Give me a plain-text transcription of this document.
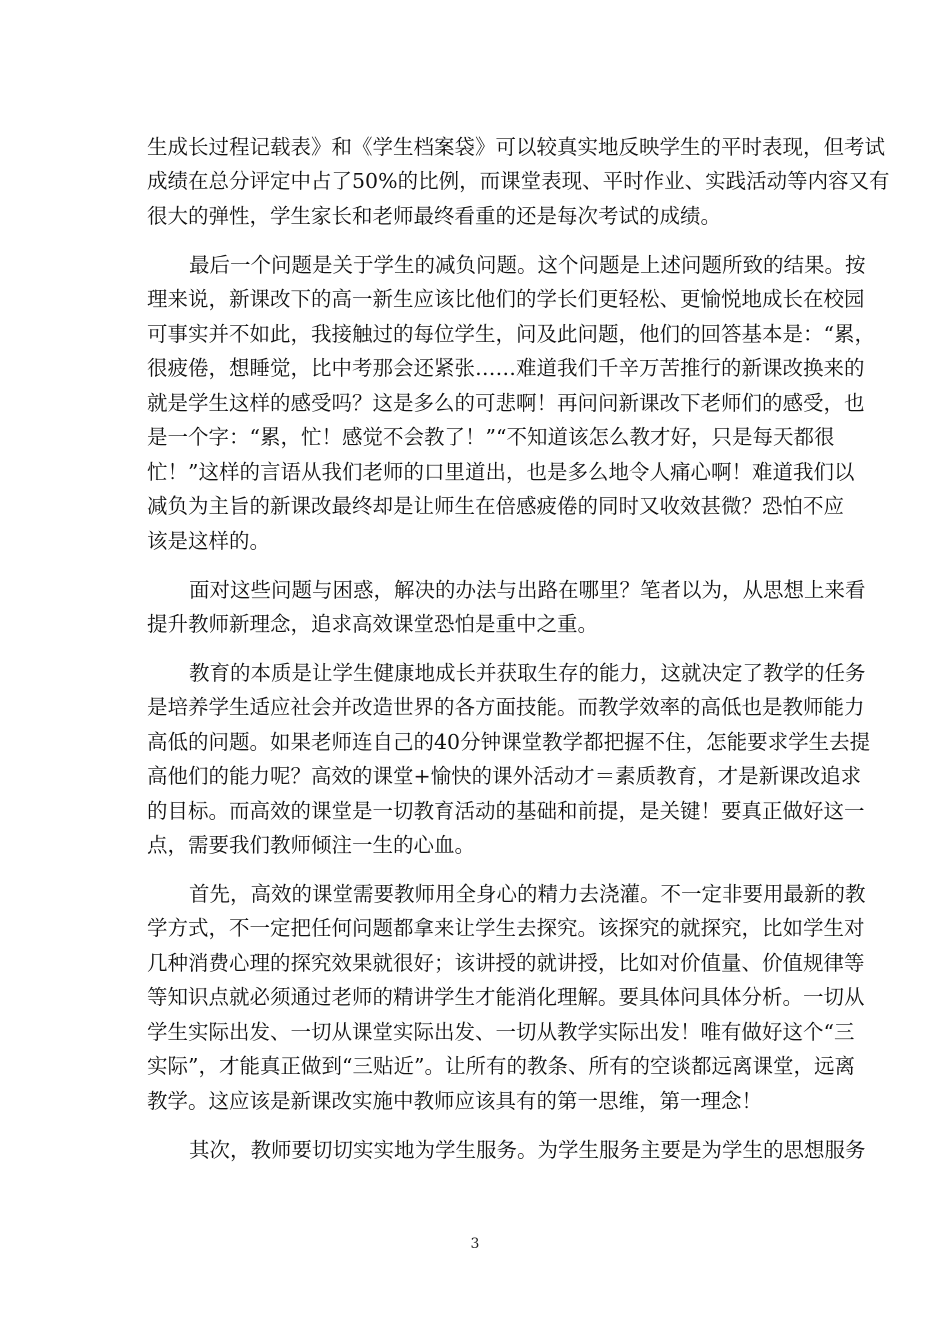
生成长过程记载表》和《学生档案袋》可以较真实地反映学生的平时表现，但考试

成绩在总分评定中占了50%的比例，而课堂表现、平时作业、实践活动等内容又有

很大的弹性，学生家长和老师最终看重的还是每次考试的成绩。

最后一个问题是关于学生的减负问题。这个问题是上述问题所致的结果。按

理来说，新课改下的高一新生应该比他们的学长们更轻松、更愉悦地成长在校园

可事实并不如此，我接触过的每位学生，问及此问题，他们的回答基本是：“累，

很疲倦，想睡觉，比中考那会还紧张……难道我们千辛万苦推行的新课改换来的

就是学生这样的感受吗？这是多么的可悲啊！再问问新课改下老师们的感受，也

是一个字：“累，忙！感觉不会教了！”“不知道该怎么教才好，只是每天都很

忙！”这样的言语从我们老师的口里道出，也是多么地令人痛心啊！难道我们以

减负为主旨的新课改最终却是让师生在倍感疲倦的同时又收效甚微？恐怕不应

该是这样的。

面对这些问题与困惑，解决的办法与出路在哪里？笔者以为，从思想上来看

提升教师新理念，追求高效课堂恐怕是重中之重。

教育的本质是让学生健康地成长并获取生存的能力，这就决定了教学的任务

是培养学生适应社会并改造世界的各方面技能。而教学效率的高低也是教师能力

高低的问题。如果老师连自己的40分钟课堂教学都把握不住，怎能要求学生去提

高他们的能力呢？高效的课堂+愉快的课外活动才＝素质教育，才是新课改追求

的目标。而高效的课堂是一切教育活动的基础和前提，是关键！要真正做好这一

点，需要我们教师倾注一生的心血。

首先，高效的课堂需要教师用全身心的精力去浇灌。不一定非要用最新的教

学方式，不一定把任何问题都拿来让学生去探究。该探究的就探究，比如学生对

几种消费心理的探究效果就很好；该讲授的就讲授，比如对价值量、价值规律等

等知识点就必须通过老师的精讲学生才能消化理解。要具体问具体分析。一切从

学生实际出发、一切从课堂实际出发、一切从教学实际出发！唯有做好这个“三

实际”，才能真正做到“三贴近”。让所有的教条、所有的空谈都远离课堂，远离

教学。这应该是新课改实施中教师应该具有的第一思维，第一理念！

其次，教师要切切实实地为学生服务。为学生服务主要是为学生的思想服务

3
